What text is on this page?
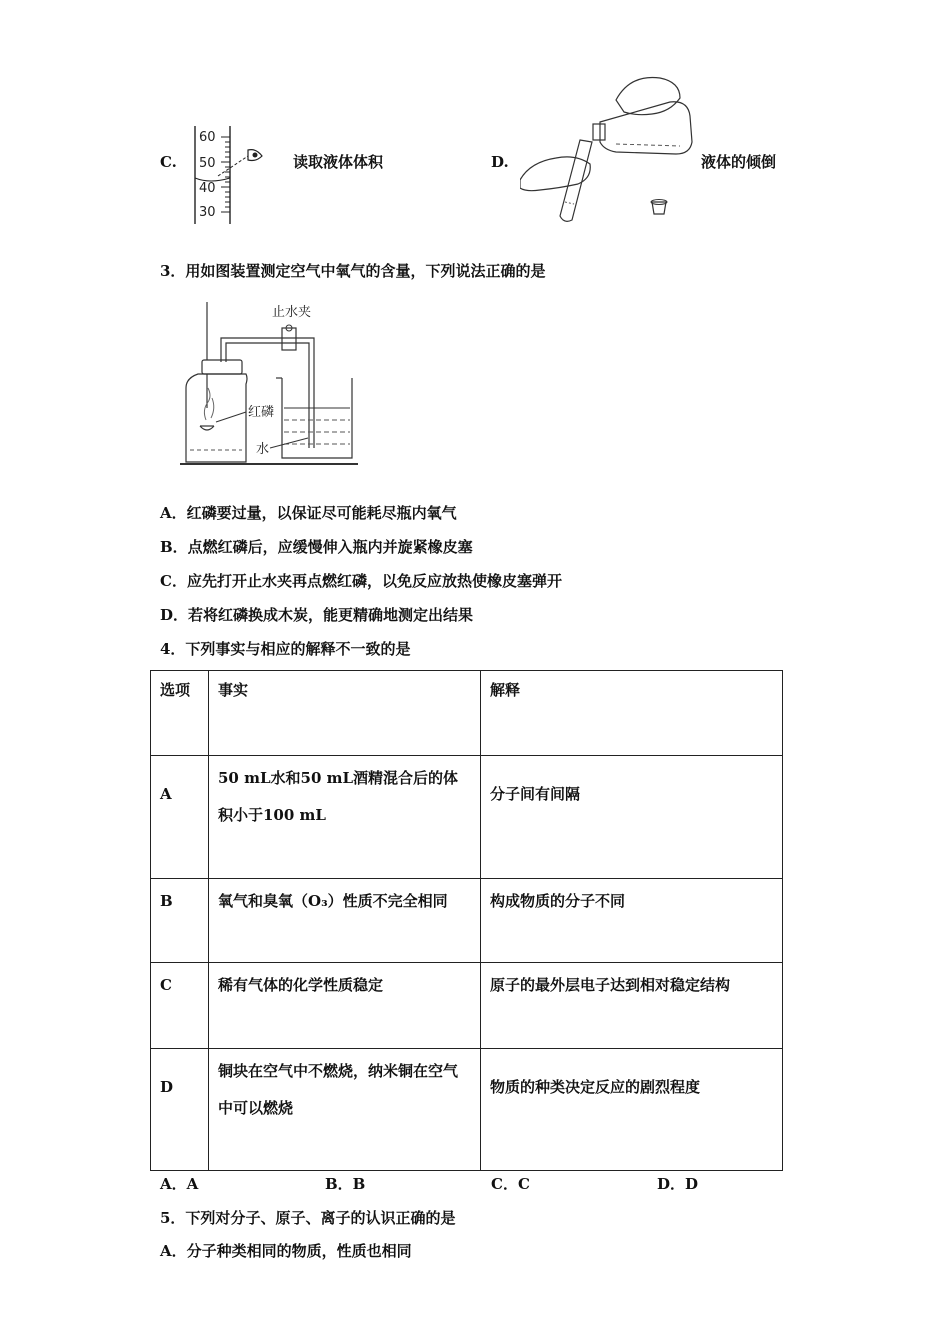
C.
60
50
40
30
读取液体体积	D.	液体的倾倒
3．用如图装置测定空气中氧气的含量，下列说法正确的是
止水夹
红磷
水
A．红磷要过量，以保证尽可能耗尽瓶内氧气
B．点燃红磷后，应缓慢伸入瓶内并旋紧橡皮塞
C．应先打开止水夹再点燃红磷，以免反应放热使橡皮塞弹开
D．若将红磷换成木炭，能更精确地测定出结果
4．下列事实与相应的解释不一致的是
选项	事实	解释
A	50 mL水和50 mL酒精混合后的体积小于100 mL	分子间有间隔
B	氧气和臭氧（O₃）性质不完全相同	构成物质的分子不同
C	稀有气体的化学性质稳定	原子的最外层电子达到相对稳定结构
D	铜块在空气中不燃烧，纳米铜在空气中可以燃烧	物质的种类决定反应的剧烈程度
A．A	B．B	C．C	D．D
5．下列对分子、原子、离子的认识正确的是
A．分子种类相同的物质，性质也相同
